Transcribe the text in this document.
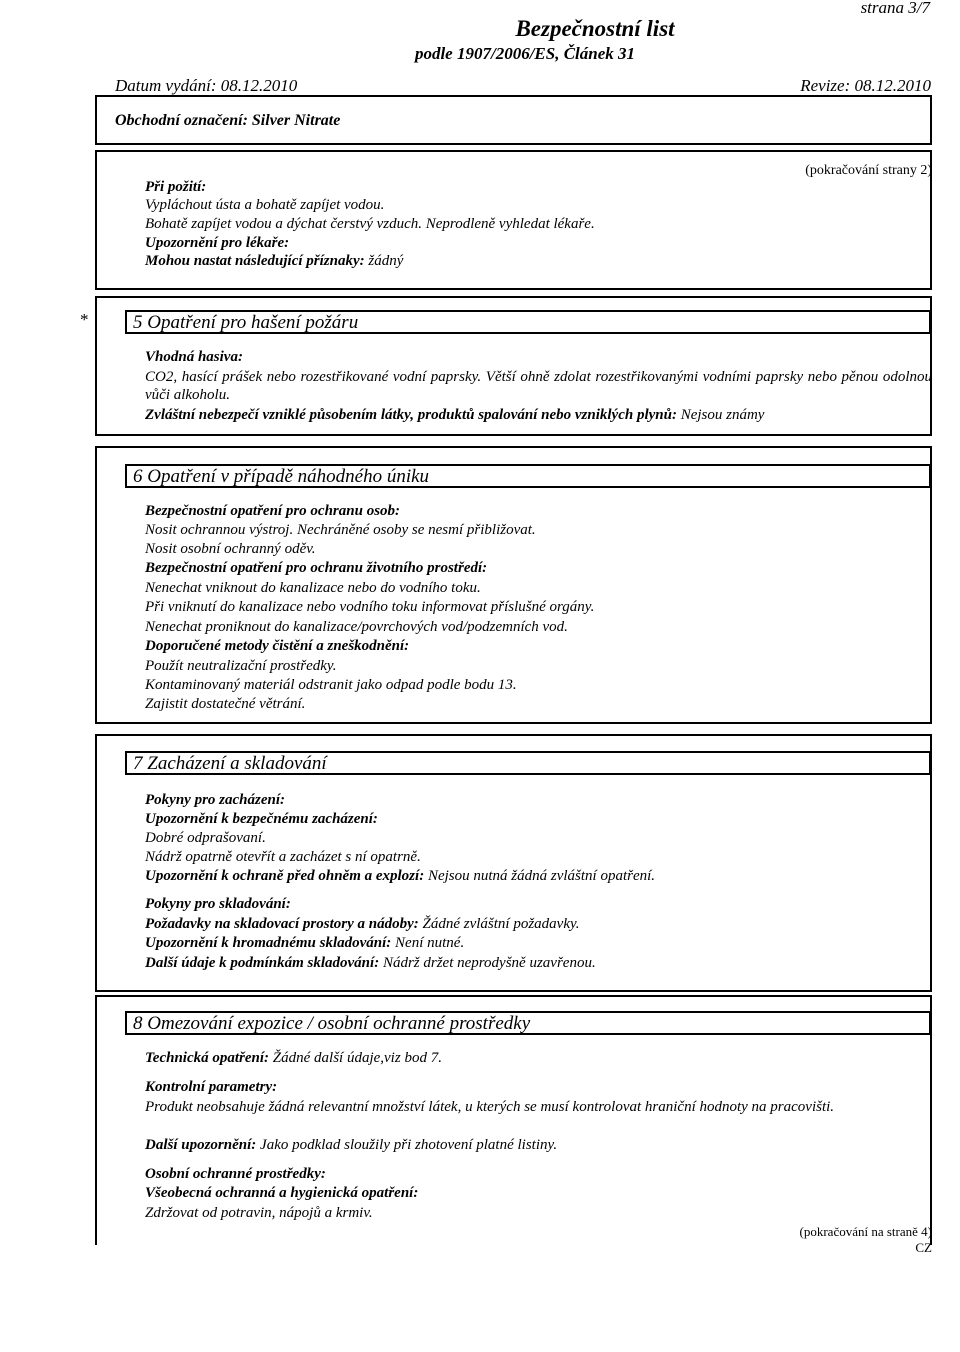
strana 3/7
Bezpečnostní list
podle 1907/2006/ES, Článek 31
Datum vydání: 08.12.2010	Revize: 08.12.2010
Obchodní označení: Silver Nitrate
(pokračování strany 2)
Při požití:
Vypláchout ústa a bohatě zapíjet vodou.
Bohatě zapíjet vodou a dýchat čerstvý vzduch. Neprodleně vyhledat lékaře.
Upozornění pro lékaře:
Mohou nastat následující příznaky: žádný
*	5 Opatření pro hašení požáru
Vhodná hasiva:
CO2, hasící prášek nebo rozestřikované vodní paprsky. Větší ohně zdolat rozestřikovanými vodními paprsky nebo pěnou odolnou vůči alkoholu.
Zvláštní nebezpečí vzniklé působením látky, produktů spalování nebo vzniklých plynů: Nejsou známy
6 Opatření v případě náhodného úniku
Bezpečnostní opatření pro ochranu osob:
Nosit ochrannou výstroj. Nechráněné osoby se nesmí přibližovat.
Nosit osobní ochranný oděv.
Bezpečnostní opatření pro ochranu životního prostředí:
Nenechat vniknout do kanalizace nebo do vodního toku.
Při vniknutí do kanalizace nebo vodního toku informovat příslušné orgány.
Nenechat proniknout do kanalizace/povrchových vod/podzemních vod.
Doporučené metody čistění a zneškodnění:
Použít neutralizační prostředky.
Kontaminovaný materiál odstranit jako odpad podle bodu 13.
Zajistit dostatečné větrání.
7 Zacházení a skladování
Pokyny pro zacházení:
Upozornění k bezpečnému zacházení:
Dobré odprašovaní.
Nádrž opatrně otevřít a zacházet s ní opatrně.
Upozornění k ochraně před ohněm a explozí: Nejsou nutná žádná zvláštní opatření.
Pokyny pro skladování:
Požadavky na skladovací prostory a nádoby: Žádné zvláštní požadavky.
Upozornění k hromadnému skladování: Není nutné.
Další údaje k podmínkám skladování: Nádrž držet neprodyšně uzavřenou.
8 Omezování expozice / osobní ochranné prostředky
Technická opatření: Žádné další údaje,viz bod 7.
Kontrolní parametry:
Produkt neobsahuje žádná relevantní množství látek, u kterých se musí kontrolovat hraniční hodnoty na pracovišti.
Další upozornění: Jako podklad sloužily při zhotovení platné listiny.
Osobní ochranné prostředky:
Všeobecná ochranná a hygienická opatření:
Zdržovat od potravin, nápojů a krmiv.
(pokračování na straně 4)
CZ
